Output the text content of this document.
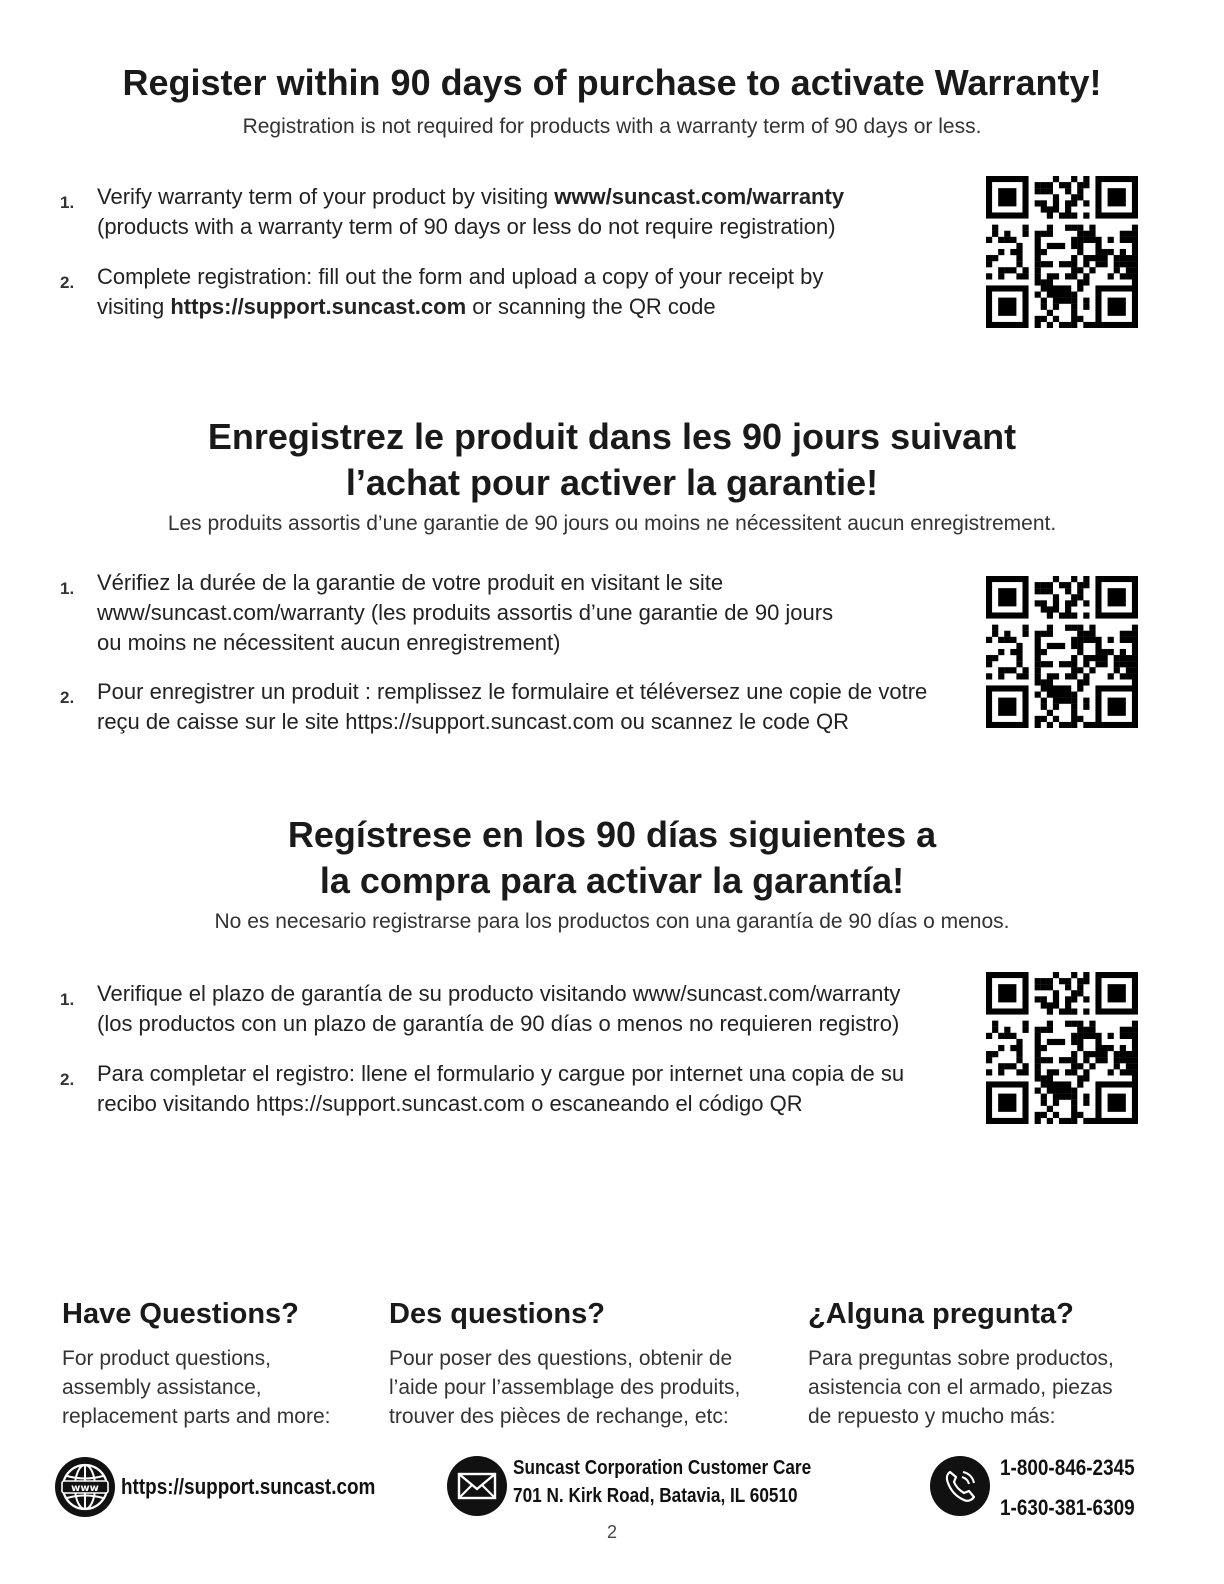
Register within 90 days of purchase to activate Warranty!
Registration is not required for products with a warranty term of 90 days or less.
1. Verify warranty term of your product by visiting www/suncast.com/warranty
(products with a warranty term of 90 days or less do not require registration)
2. Complete registration: fill out the form and upload a copy of your receipt by
visiting https://support.suncast.com or scanning the QR code
Enregistrez le produit dans les 90 jours suivant
l’achat pour activer la garantie!
Les produits assortis d’une garantie de 90 jours ou moins ne nécessitent aucun enregistrement.
1. Vérifiez la durée de la garantie de votre produit en visitant le site
www/suncast.com/warranty (les produits assortis d’une garantie de 90 jours
ou moins ne nécessitent aucun enregistrement)
2. Pour enregistrer un produit : remplissez le formulaire et téléversez une copie de votre
reçu de caisse sur le site https://support.suncast.com ou scannez le code QR
Regístrese en los 90 días siguientes a
la compra para activar la garantía!
No es necesario registrarse para los productos con una garantía de 90 días o menos.
1. Verifique el plazo de garantía de su producto visitando www/suncast.com/warranty
(los productos con un plazo de garantía de 90 días o menos no requieren registro)
2. Para completar el registro: llene el formulario y cargue por internet una copia de su
recibo visitando https://support.suncast.com o escaneando el código QR
Have Questions?
For product questions,
assembly assistance,
replacement parts and more:
Des questions?
Pour poser des questions, obtenir de
l’aide pour l’assemblage des produits,
trouver des pièces de rechange, etc:
¿Alguna pregunta?
Para preguntas sobre productos,
asistencia con el armado, piezas
de repuesto y mucho más:
www https://support.suncast.com
Suncast Corporation Customer Care
701 N. Kirk Road, Batavia, IL 60510
1-800-846-2345
1-630-381-6309
2
